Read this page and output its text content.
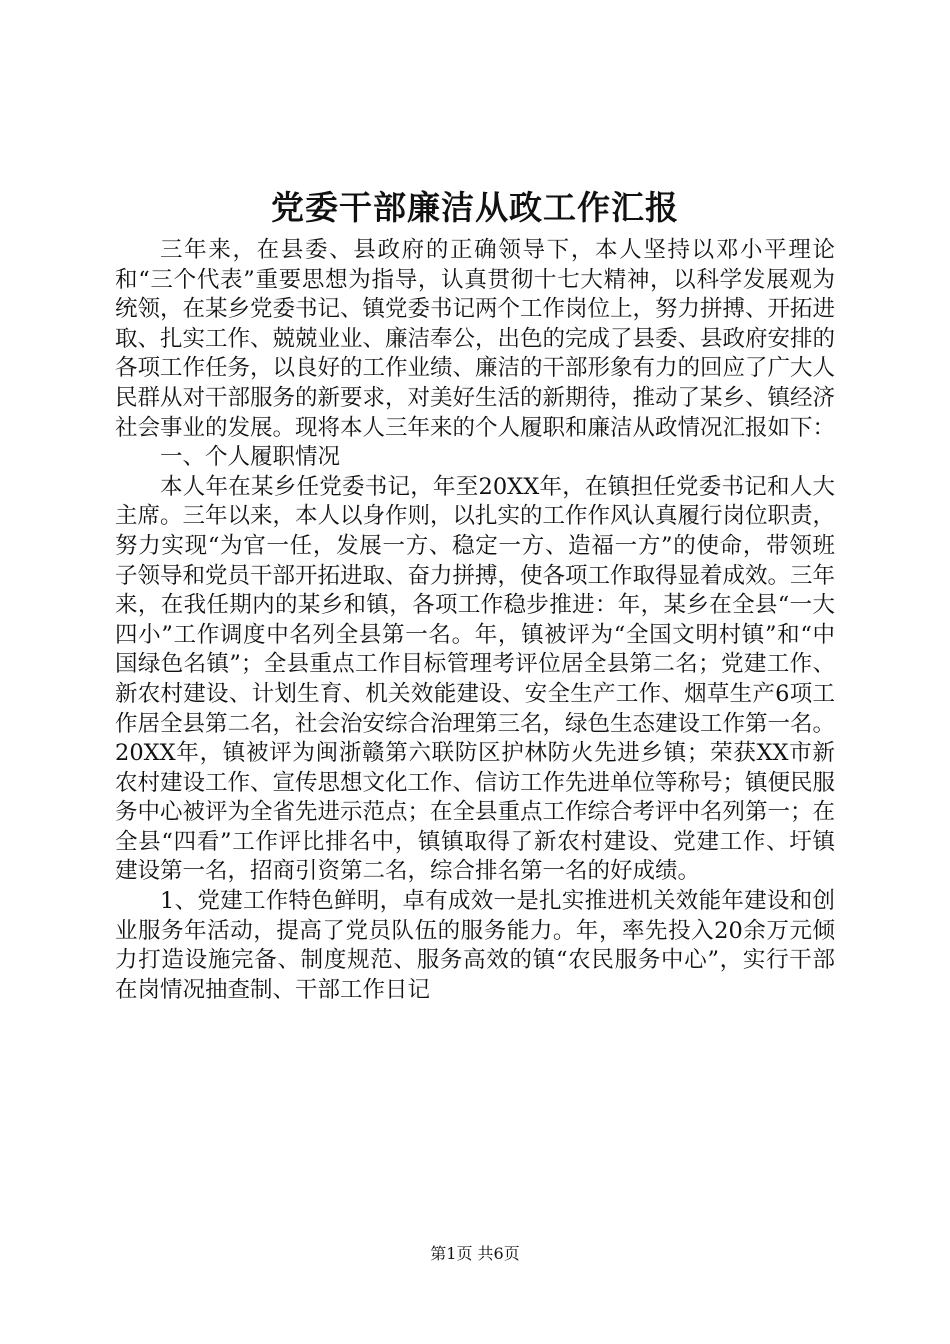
党委干部廉洁从政工作汇报

三年来，在县委、县政府的正确领导下，本人坚持以邓小平理论和“三个代表”重要思想为指导，认真贯彻十七大精神，以科学发展观为统领，在某乡党委书记、镇党委书记两个工作岗位上，努力拼搏、开拓进取、扎实工作、兢兢业业、廉洁奉公，出色的完成了县委、县政府安排的各项工作任务，以良好的工作业绩、廉洁的干部形象有力的回应了广大人民群从对干部服务的新要求，对美好生活的新期待，推动了某乡、镇经济社会事业的发展。现将本人三年来的个人履职和廉洁从政情况汇报如下：

一、个人履职情况

本人年在某乡任党委书记，年至20XX年，在镇担任党委书记和人大主席。三年以来，本人以身作则，以扎实的工作作风认真履行岗位职责，努力实现“为官一任，发展一方、稳定一方、造福一方”的使命，带领班子领导和党员干部开拓进取、奋力拼搏，使各项工作取得显着成效。三年来，在我任期内的某乡和镇，各项工作稳步推进：年，某乡在全县“一大四小”工作调度中名列全县第一名。年，镇被评为“全国文明村镇”和“中国绿色名镇”；全县重点工作目标管理考评位居全县第二名；党建工作、新农村建设、计划生育、机关效能建设、安全生产工作、烟草生产6项工作居全县第二名，社会治安综合治理第三名，绿色生态建设工作第一名。20XX年，镇被评为闽浙赣第六联防区护林防火先进乡镇；荣获XX市新农村建设工作、宣传思想文化工作、信访工作先进单位等称号；镇便民服务中心被评为全省先进示范点；在全县重点工作综合考评中名列第一；在全县“四看”工作评比排名中，镇镇取得了新农村建设、党建工作、圩镇建设第一名，招商引资第二名，综合排名第一名的好成绩。

1、党建工作特色鲜明，卓有成效一是扎实推进机关效能年建设和创业服务年活动，提高了党员队伍的服务能力。年，率先投入20余万元倾力打造设施完备、制度规范、服务高效的镇“农民服务中心”，实行干部在岗情况抽查制、干部工作日记

第1页 共6页
